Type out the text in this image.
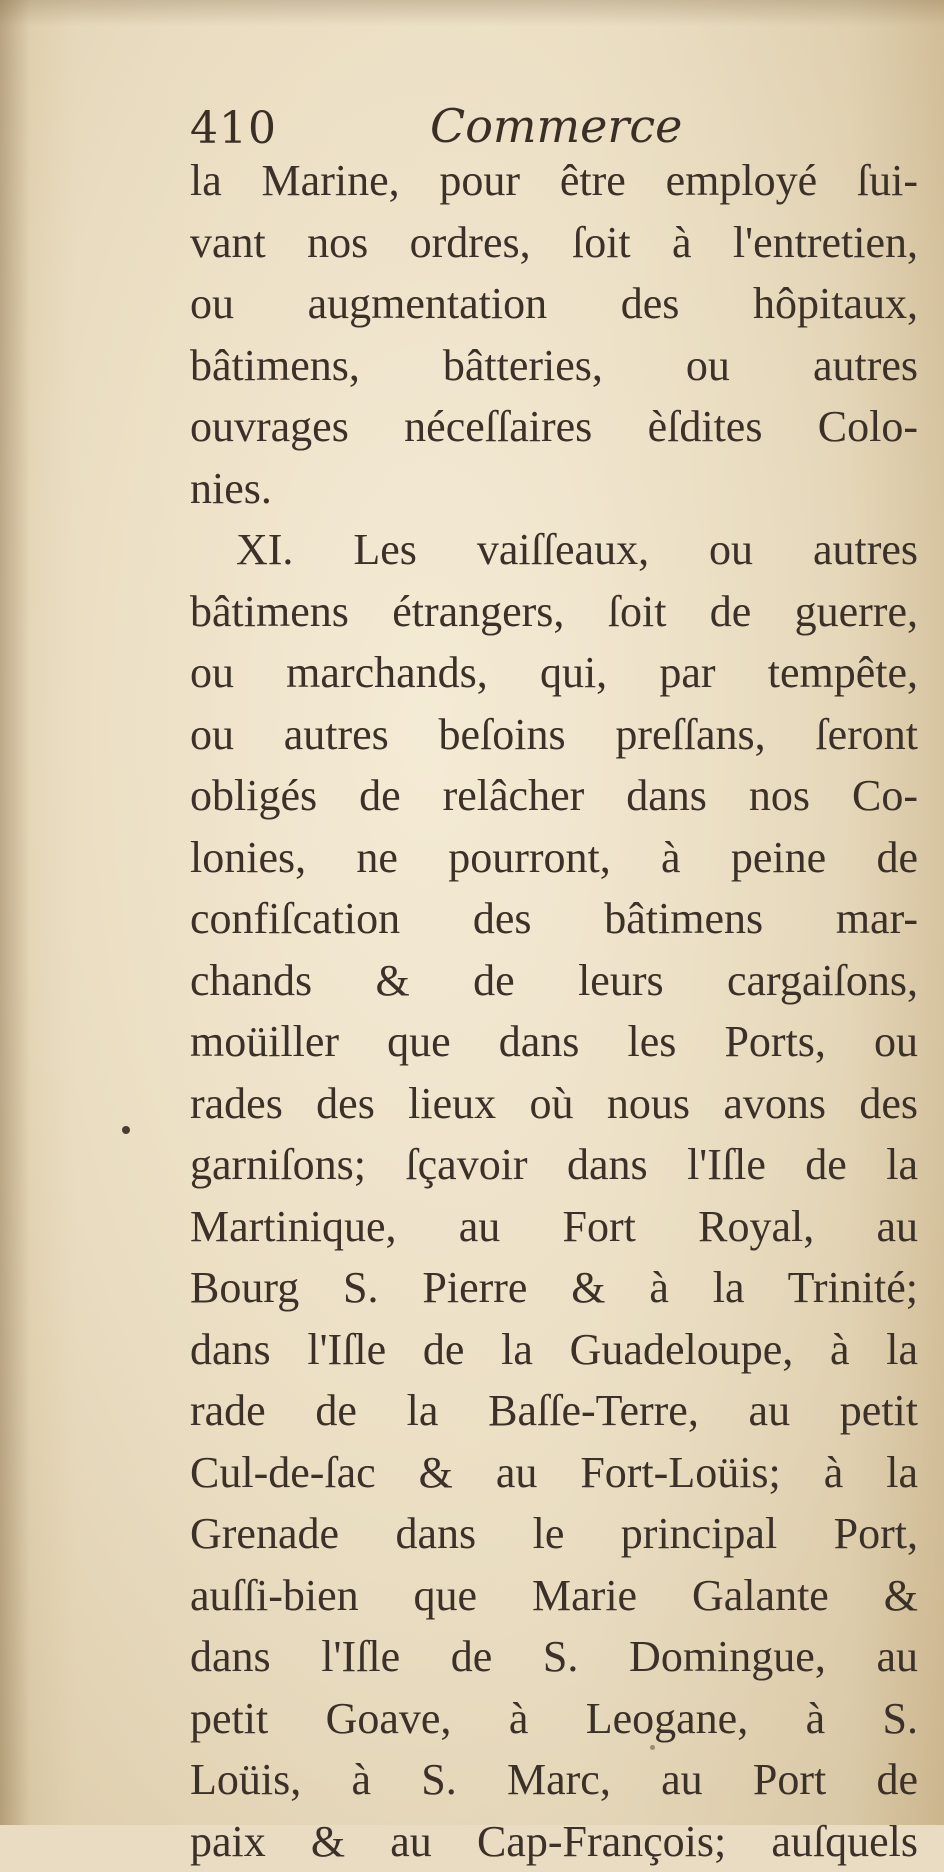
410	Commerce
la Marine, pour être employé ſui-
vant nos ordres, ſoit à l'entretien,
ou augmentation des hôpitaux,
bâtimens, bâtteries, ou autres
ouvrages néceſſaires èſdites Colo-
nies.
XI. Les vaiſſeaux, ou autres
bâtimens étrangers, ſoit de guerre,
ou marchands, qui, par tempête,
ou autres beſoins preſſans, ſeront
obligés de relâcher dans nos Co-
lonies, ne pourront, à peine de
confiſcation des bâtimens mar-
chands & de leurs cargaiſons,
moüiller que dans les Ports, ou
rades des lieux où nous avons des
garniſons; ſçavoir dans l'Iſle de la
Martinique, au Fort Royal, au
Bourg S. Pierre & à la Trinité;
dans l'Iſle de la Guadeloupe, à la
rade de la Baſſe-Terre, au petit
Cul-de-ſac & au Fort-Loüis; à la
Grenade dans le principal Port,
auſſi-bien que Marie Galante &
dans l'Iſle de S. Domingue, au
petit Goave, à Leogane, à S.
Loüis, à S. Marc, au Port de
paix & au Cap-François; auſquels
